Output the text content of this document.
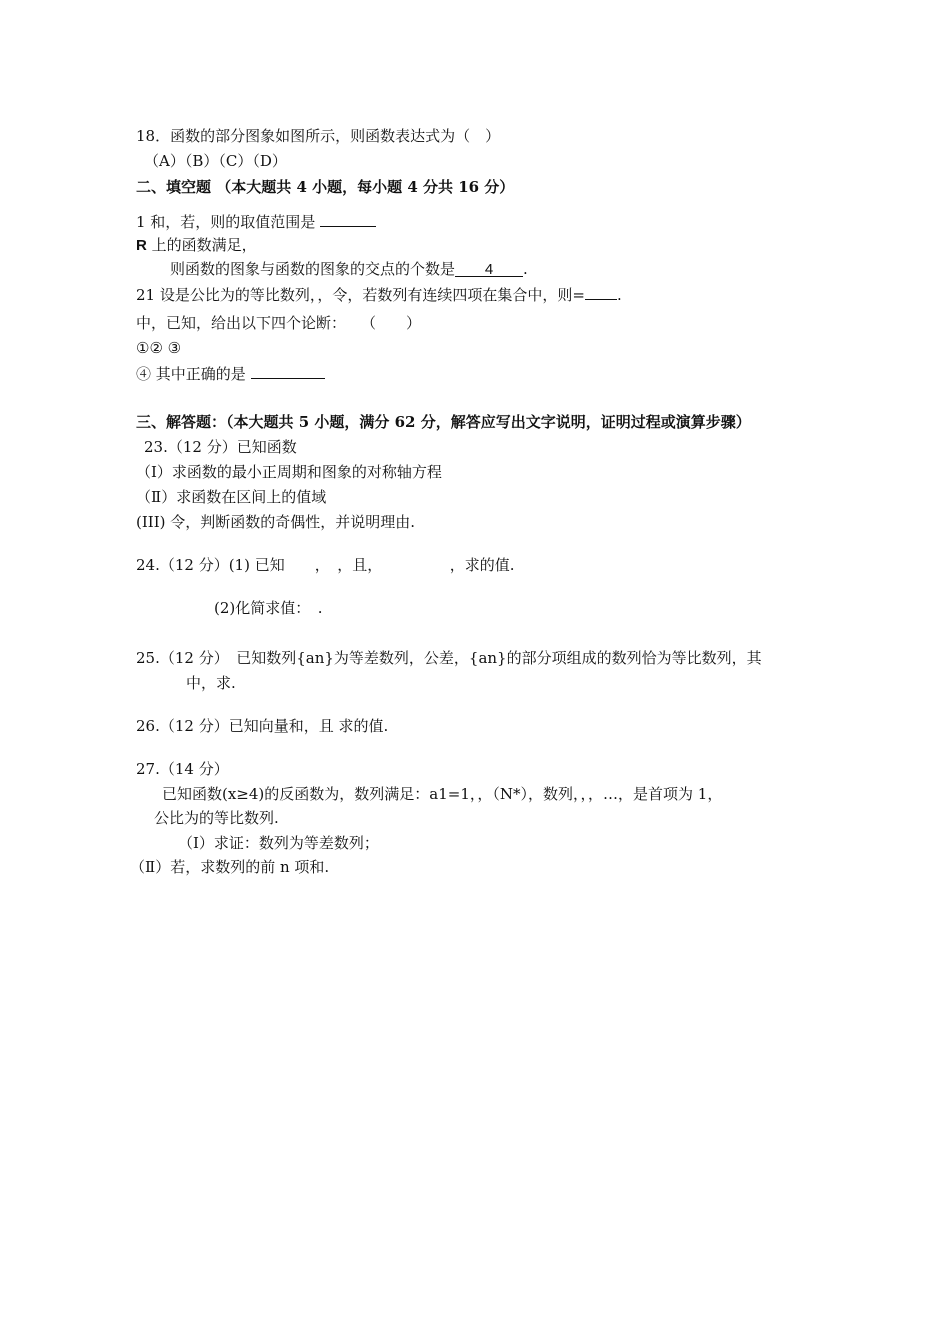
18．函数的部分图象如图所示，则函数表达式为（　）
（A）（B）（C）（D）
二、填空题 （本大题共 4 小题，每小题 4 分共 16 分）
1 和，若，则的取值范围是
R 上的函数满足，
则函数的图象与函数的图象的交点的个数是 4 .
21 设是公比为的等比数列，，令，若数列有连续四项在集合中，则= .
中，已知，给出以下四个论断：　　（　　）
①② ③
④ 其中正确的是
三、解答题：（本大题共 5 小题，满分 62 分，解答应写出文字说明，证明过程或演算步骤）
23.（12 分）已知函数
（Ⅰ）求函数的最小正周期和图象的对称轴方程
（Ⅱ）求函数在区间上的值域
(III) 令，判断函数的奇偶性，并说明理由.
24.（12 分）(1) 已知　　，　，且，　　　　　，求的值.
(2)化简求值：　.
25.（12 分）　已知数列{an}为等差数列，公差，{an}的部分项组成的数列恰为等比数列，其
中，求.
26.（12 分）已知向量和，且 求的值.
27.（14 分）
已知函数(x≥4)的反函数为，数列满足：a1=1，，（N*），数列，，，…，是首项为 1，
公比为的等比数列.
（Ⅰ）求证：数列为等差数列；
（Ⅱ）若，求数列的前 n 项和.
